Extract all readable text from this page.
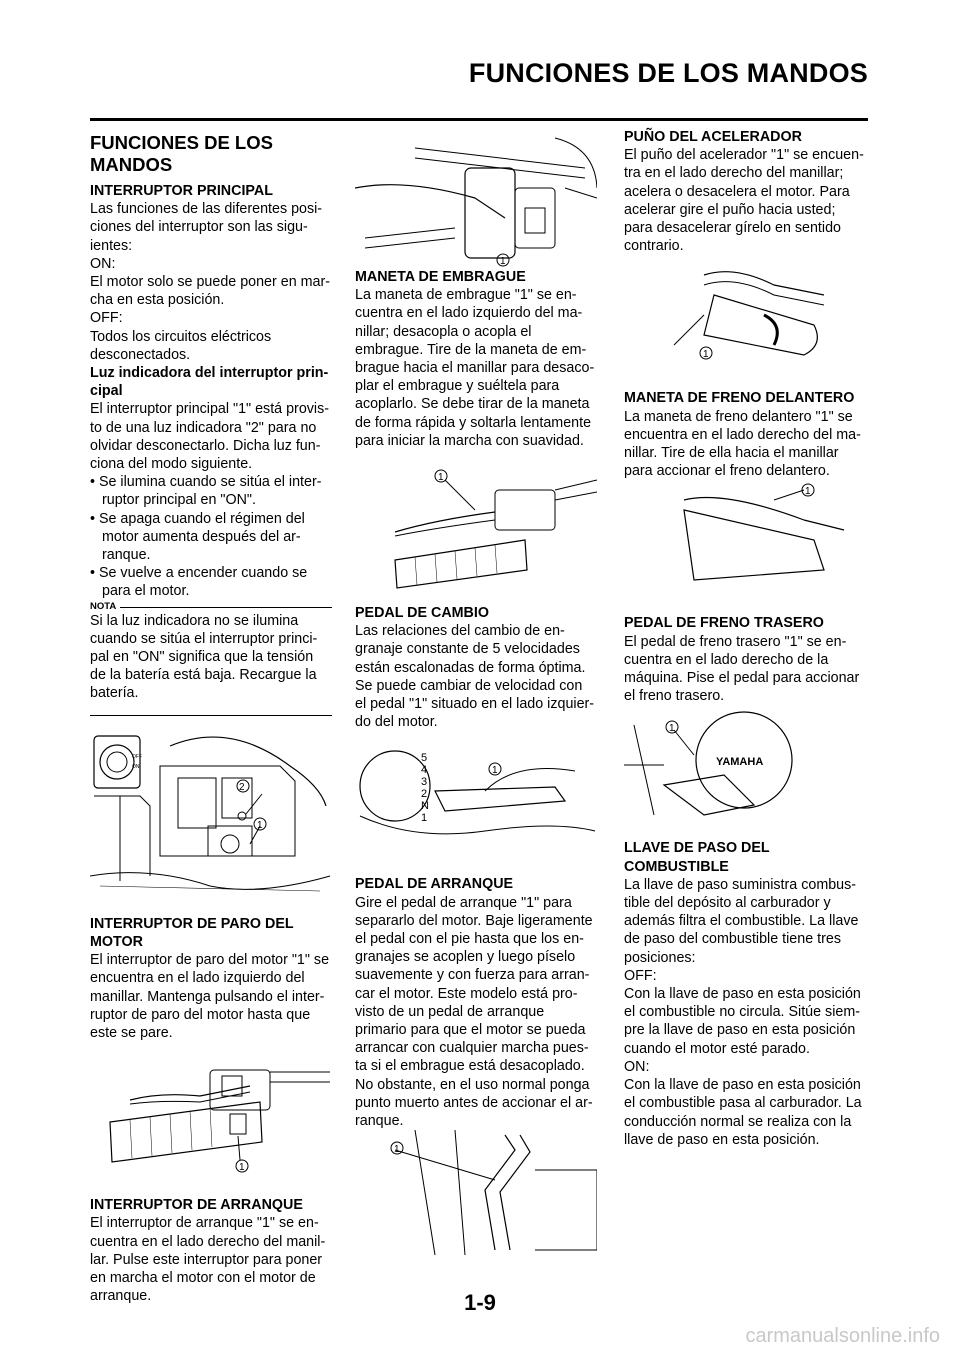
FUNCIONES DE LOS MANDOS
FUNCIONES DE LOS MANDOS

INTERRUPTOR PRINCIPAL

Las funciones de las diferentes posi- ciones del interruptor son las sigu- ientes:

ON:

El motor solo se puede poner en mar- cha en esta posición.

OFF:

Todos los circuitos eléctricos desconectados.

Luz indicadora del interruptor prin- cipal

El interruptor principal "1" está provis- to de una luz indicadora "2" para no olvidar desconectarlo. Dicha luz fun- ciona del modo siguiente.

• Se ilumina cuando se sitúa el inter- ruptor principal en "ON".

• Se apaga cuando el régimen del motor aumenta después del ar- ranque.

• Se vuelve a encender cuando se para el motor.

NOTA

Si la luz indicadora no se ilumina cuando se sitúa el interruptor princi- pal en "ON" significa que la tensión de la batería está baja. Recargue la batería.

OFF
ON
2
1

INTERRUPTOR DE PARO DEL MOTOR

El interruptor de paro del motor "1" se encuentra en el lado izquierdo del manillar. Mantenga pulsando el inter- ruptor de paro del motor hasta que este se pare.

1

INTERRUPTOR DE ARRANQUE

El interruptor de arranque "1" se en- cuentra en el lado derecho del manil- lar. Pulse este interruptor para poner en marcha el motor con el motor de arranque.

1

MANETA DE EMBRAGUE

La maneta de embrague "1" se en- cuentra en el lado izquierdo del ma- nillar; desacopla o acopla el embrague. Tire de la maneta de em- brague hacia el manillar para desaco- plar el embrague y suéltela para acoplarlo. Se debe tirar de la maneta de forma rápida y soltarla lentamente para iniciar la marcha con suavidad.

1

PEDAL DE CAMBIO

Las relaciones del cambio de en- granaje constante de 5 velocidades están escalonadas de forma óptima. Se puede cambiar de velocidad con el pedal "1" situado en el lado izquier- do del motor.

5
4
3
2
N
1
1

PEDAL DE ARRANQUE

Gire el pedal de arranque "1" para separarlo del motor. Baje ligeramente el pedal con el pie hasta que los en- granajes se acoplen y luego píselo suavemente y con fuerza para arran- car el motor. Este modelo está pro- visto de un pedal de arranque primario para que el motor se pueda arrancar con cualquier marcha pues- ta si el embrague está desacoplado. No obstante, en el uso normal ponga punto muerto antes de accionar el ar- ranque.

1

PUÑO DEL ACELERADOR

El puño del acelerador "1" se encuen- tra en el lado derecho del manillar; acelera o desacelera el motor. Para acelerar gire el puño hacia usted; para desacelerar gírelo en sentido contrario.

1

MANETA DE FRENO DELANTERO

La maneta de freno delantero "1" se encuentra en el lado derecho del ma- nillar. Tire de ella hacia el manillar para accionar el freno delantero.

1

PEDAL DE FRENO TRASERO

El pedal de freno trasero "1" se en- cuentra en el lado derecho de la máquina. Pise el pedal para accionar el freno trasero.

YAMAHA
1

LLAVE DE PASO DEL COMBUSTIBLE

La llave de paso suministra combus- tible del depósito al carburador y además filtra el combustible. La llave de paso del combustible tiene tres posiciones:

OFF:

Con la llave de paso en esta posición el combustible no circula. Sitúe siem- pre la llave de paso en esta posición cuando el motor esté parado.

ON:

Con la llave de paso en esta posición el combustible pasa al carburador. La conducción normal se realiza con la llave de paso en esta posición.

1-9
carmanualsonline.info
